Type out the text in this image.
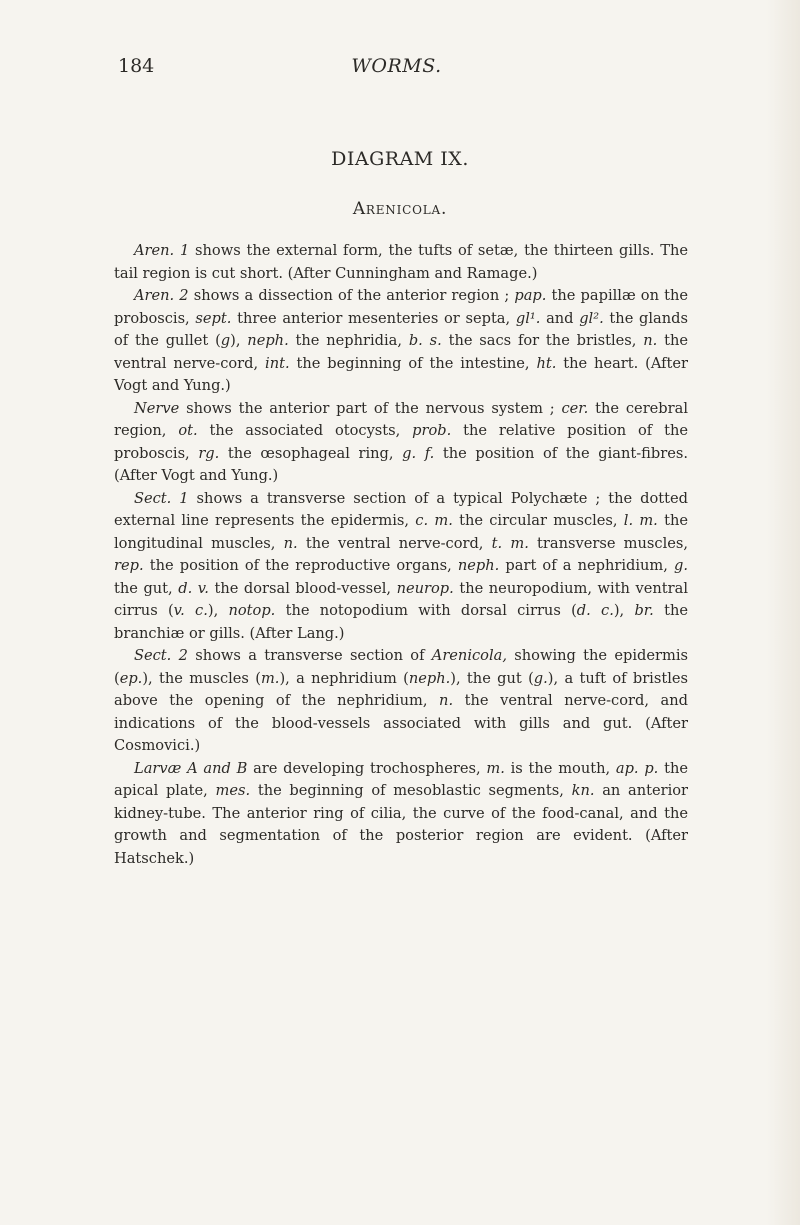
184	WORMS.
DIAGRAM IX.
Arenicola.

Aren. 1 shows the external form, the tufts of setæ, the thirteen gills. The tail region is cut short. (After Cunningham and Ramage.)

Aren. 2 shows a dissection of the anterior region ; pap. the papillæ on the proboscis, sept. three anterior mesenteries or septa, gl¹. and gl². the glands of the gullet (g), neph. the nephridia, b. s. the sacs for the bristles, n. the ventral nerve-cord, int. the beginning of the intestine, ht. the heart. (After Vogt and Yung.)

Nerve shows the anterior part of the nervous system ; cer. the cerebral region, ot. the associated otocysts, prob. the relative position of the proboscis, rg. the œsophageal ring, g. f. the position of the giant-fibres. (After Vogt and Yung.)

Sect. 1 shows a transverse section of a typical Polychæte ; the dotted external line represents the epidermis, c. m. the circular muscles, l. m. the longitudinal muscles, n. the ventral nerve-cord, t. m. transverse muscles, rep. the position of the reproductive organs, neph. part of a nephridium, g. the gut, d. v. the dorsal blood-vessel, neurop. the neuropodium, with ventral cirrus (v. c.), notop. the notopodium with dorsal cirrus (d. c.), br. the branchiæ or gills. (After Lang.)

Sect. 2 shows a transverse section of Arenicola, showing the epidermis (ep.), the muscles (m.), a nephridium (neph.), the gut (g.), a tuft of bristles above the opening of the nephridium, n. the ventral nerve-cord, and indications of the blood-vessels associated with gills and gut. (After Cosmovici.)

Larvæ A and B are developing trochospheres, m. is the mouth, ap. p. the apical plate, mes. the beginning of mesoblastic segments, kn. an anterior kidney-tube. The anterior ring of cilia, the curve of the food-canal, and the growth and segmentation of the posterior region are evident. (After Hatschek.)
